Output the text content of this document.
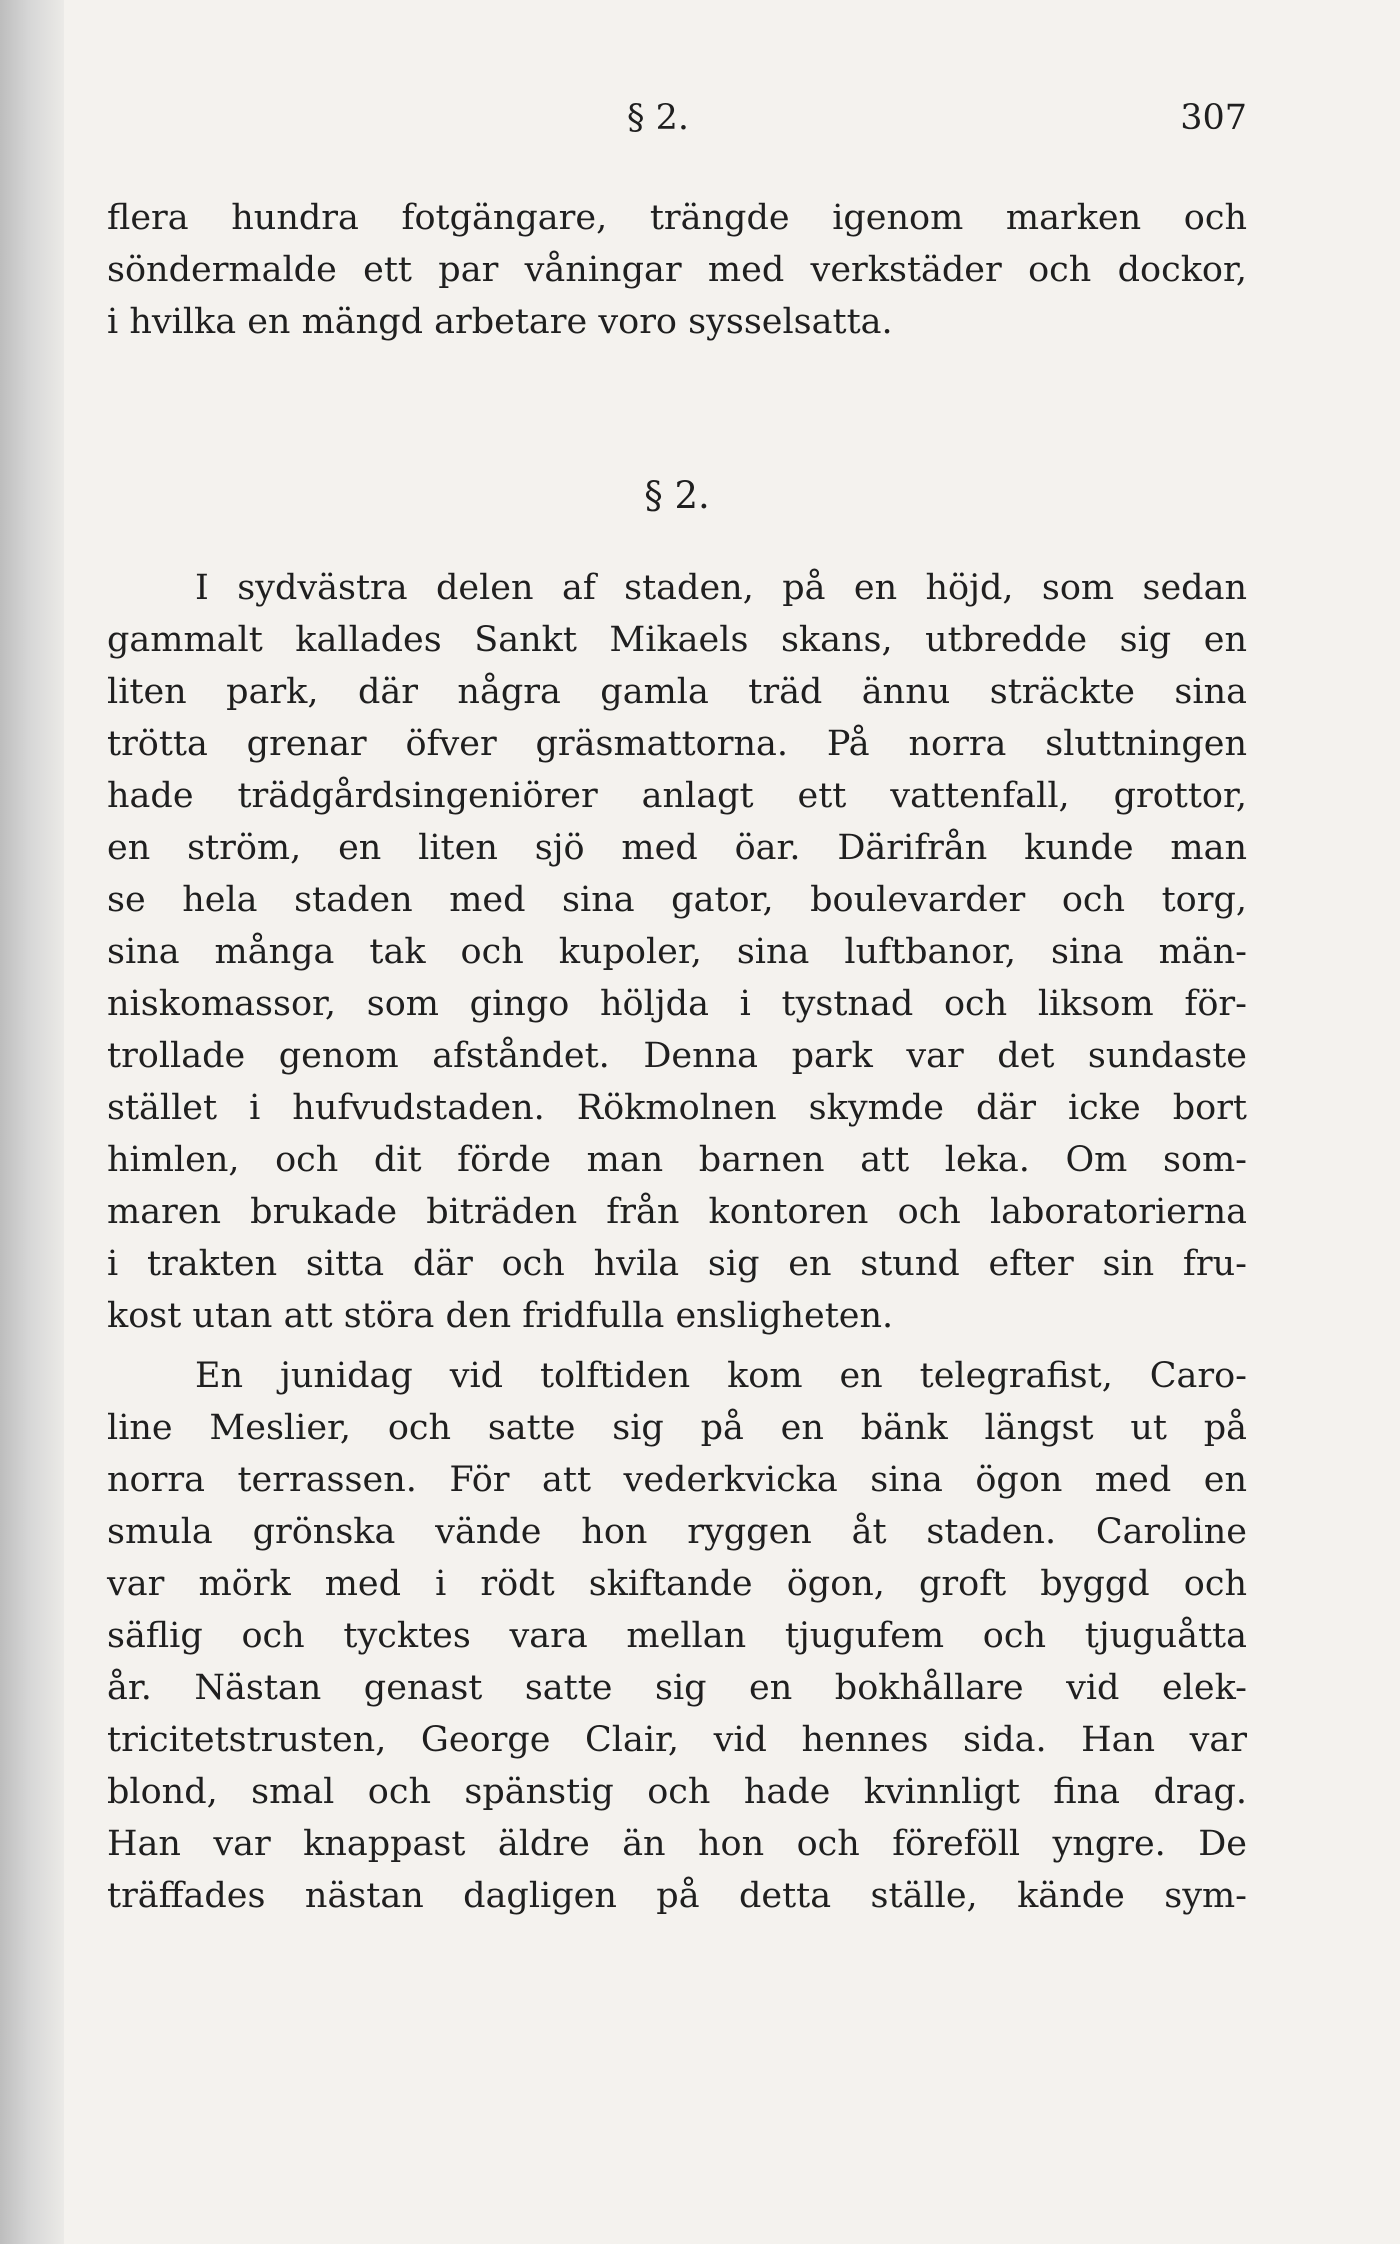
§ 2.	307
flera hundra fotgängare, trängde igenom marken och
söndermalde ett par våningar med verkstäder och dockor,
i hvilka en mängd arbetare voro sysselsatta.
§ 2.
I sydvästra delen af staden, på en höjd, som sedan
gammalt kallades Sankt Mikaels skans, utbredde sig en
liten park, där några gamla träd ännu sträckte sina
trötta grenar öfver gräsmattorna. På norra sluttningen
hade trädgårdsingeniörer anlagt ett vattenfall, grottor,
en ström, en liten sjö med öar. Därifrån kunde man
se hela staden med sina gator, boulevarder och torg,
sina många tak och kupoler, sina luftbanor, sina män-
niskomassor, som gingo höljda i tystnad och liksom för-
trollade genom afståndet. Denna park var det sundaste
stället i hufvudstaden. Rökmolnen skymde där icke bort
himlen, och dit förde man barnen att leka. Om som-
maren brukade biträden från kontoren och laboratorierna
i trakten sitta där och hvila sig en stund efter sin fru-
kost utan att störa den fridfulla ensligheten.
En junidag vid tolftiden kom en telegrafist, Caro-
line Meslier, och satte sig på en bänk längst ut på
norra terrassen. För att vederkvicka sina ögon med en
smula grönska vände hon ryggen åt staden. Caroline
var mörk med i rödt skiftande ögon, groft byggd och
säflig och tycktes vara mellan tjugufem och tjuguåtta
år. Nästan genast satte sig en bokhållare vid elek-
tricitetstrusten, George Clair, vid hennes sida. Han var
blond, smal och spänstig och hade kvinnligt fina drag.
Han var knappast äldre än hon och föreföll yngre. De
träffades nästan dagligen på detta ställe, kände sym-
